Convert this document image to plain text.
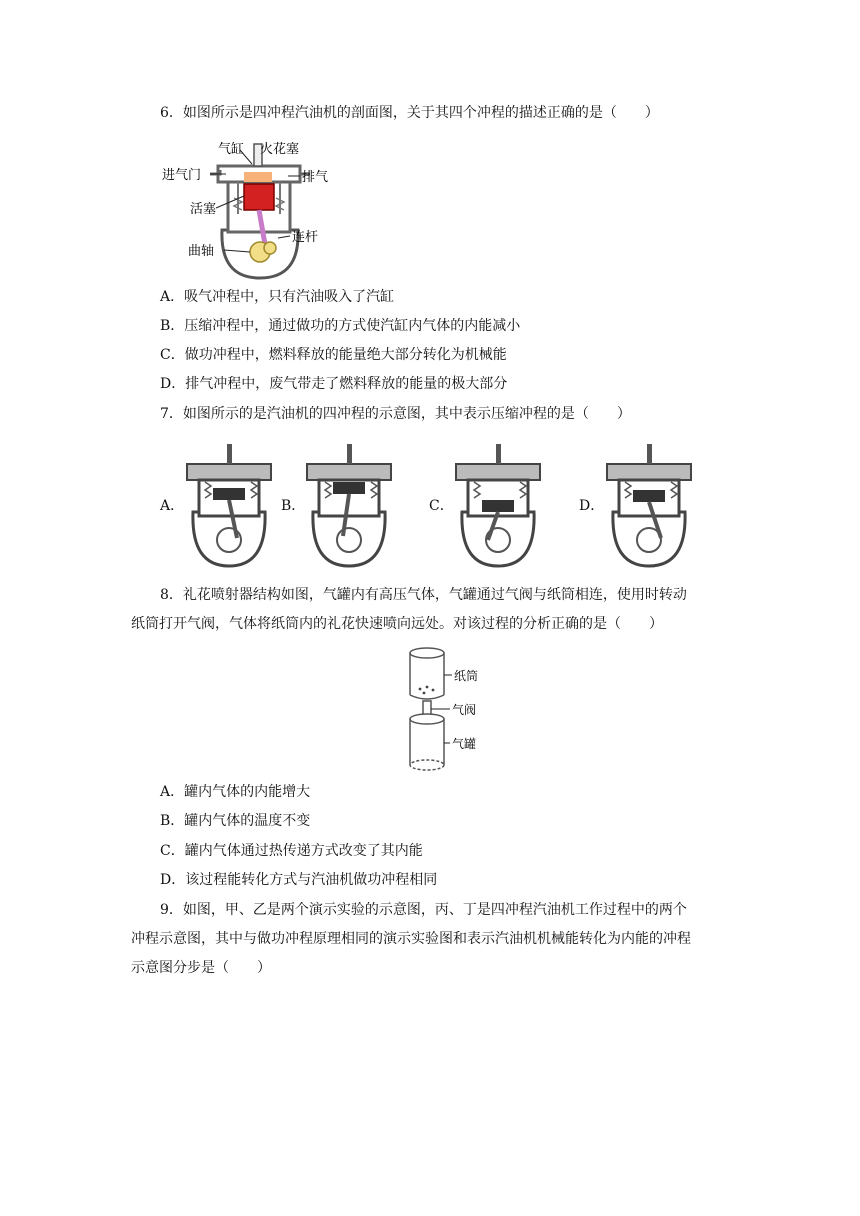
6．如图所示是四冲程汽油机的剖面图，关于其四个冲程的描述正确的是（　　）
气缸 火花塞
进气门	排气
活塞
连杆
曲轴
A．吸气冲程中，只有汽油吸入了汽缸
B．压缩冲程中，通过做功的方式使汽缸内气体的内能减小
C．做功冲程中，燃料释放的能量绝大部分转化为机械能
D．排气冲程中，废气带走了燃料释放的能量的极大部分
7．如图所示的是汽油机的四冲程的示意图，其中表示压缩冲程的是（　　）
A．	B．	C．	D．
8．礼花喷射器结构如图，气罐内有高压气体，气罐通过气阀与纸筒相连，使用时转动
纸筒打开气阀，气体将纸筒内的礼花快速喷向远处。对该过程的分析正确的是（　　）
纸筒
气阀
气罐
A．罐内气体的内能增大
B．罐内气体的温度不变
C．罐内气体通过热传递方式改变了其内能
D．该过程能转化方式与汽油机做功冲程相同
9．如图，甲、乙是两个演示实验的示意图，丙、丁是四冲程汽油机工作过程中的两个
冲程示意图，其中与做功冲程原理相同的演示实验图和表示汽油机机械能转化为内能的冲程
示意图分步是（　　）
